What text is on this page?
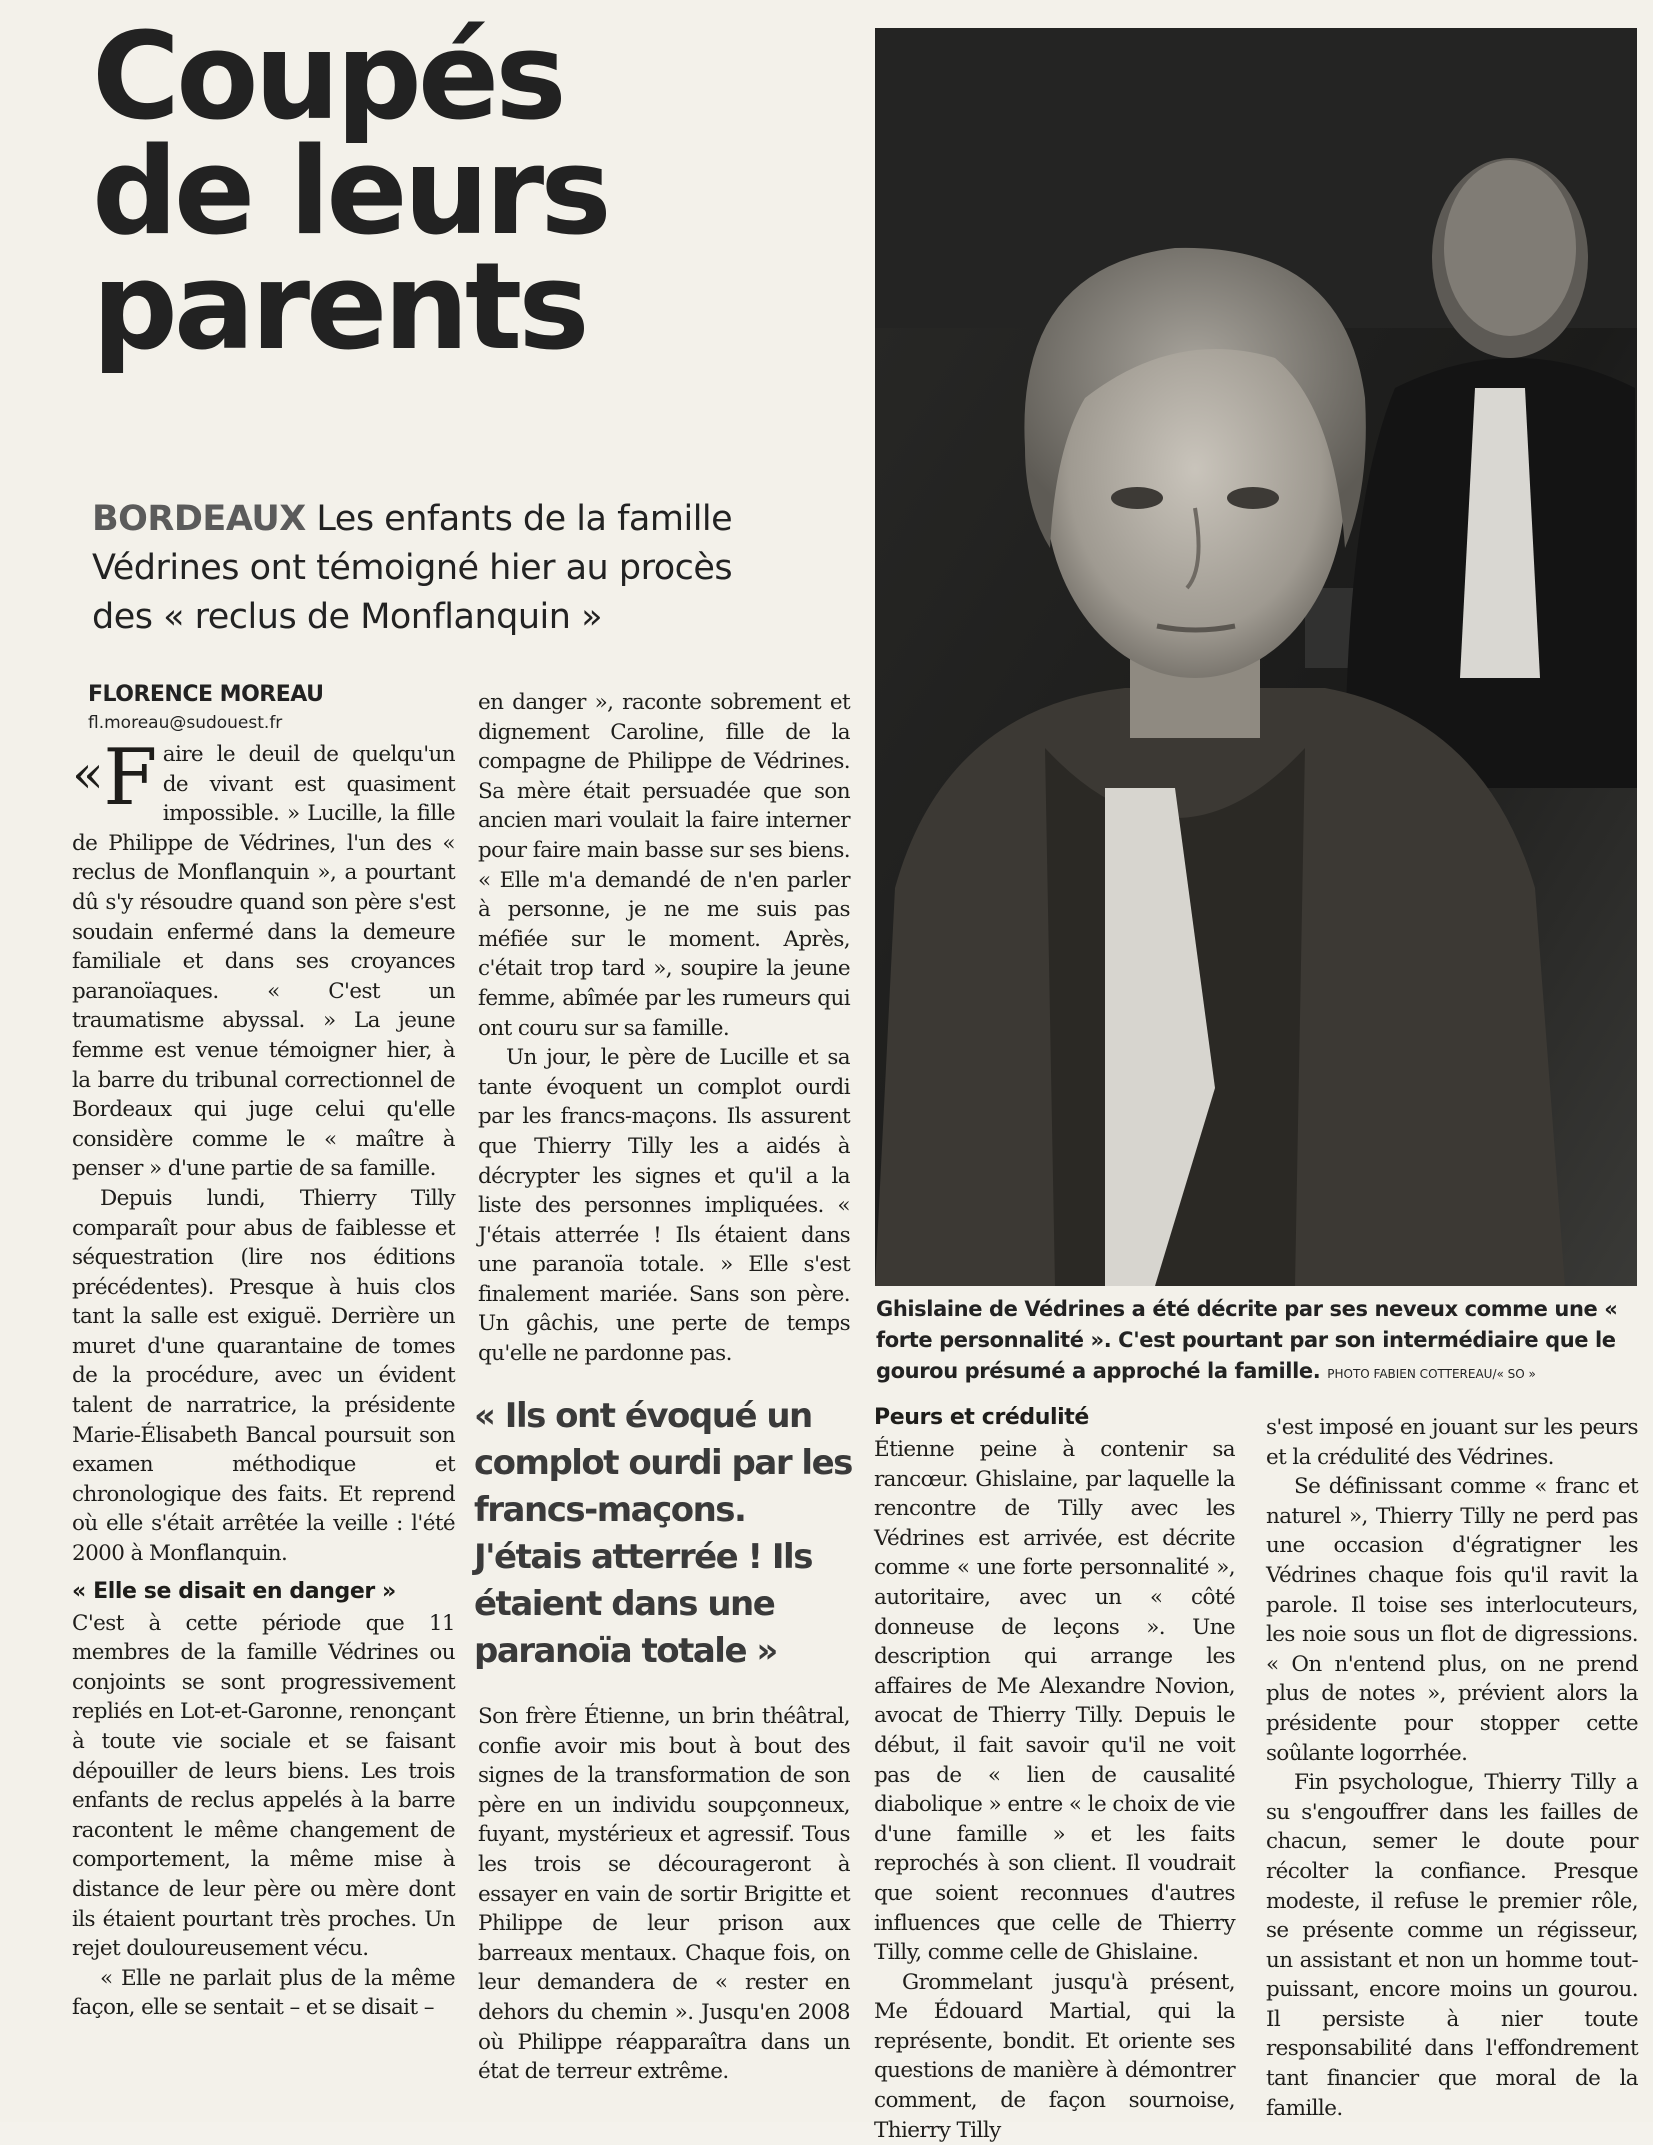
Coupés
de leurs
parents

BORDEAUX Les enfants de la famille Védrines ont témoigné hier au procès des « reclus de Monflanquin »

FLORENCE MOREAU
fl.moreau@sudouest.fr

«F aire le deuil de quelqu'un de vivant est quasiment impossible. » Lucille, la fille de Philippe de Védrines, l'un des « reclus de Monflanquin », a pourtant dû s'y résoudre quand son père s'est soudain enfermé dans la demeure familiale et dans ses croyances paranoïaques. « C'est un traumatisme abyssal. » La jeune femme est venue témoigner hier, à la barre du tribunal correctionnel de Bordeaux qui juge celui qu'elle considère comme le « maître à penser » d'une partie de sa famille.

Depuis lundi, Thierry Tilly comparaît pour abus de faiblesse et séquestration (lire nos éditions précédentes). Presque à huis clos tant la salle est exiguë. Derrière un muret d'une quarantaine de tomes de la procédure, avec un évident talent de narratrice, la présidente Marie-Élisabeth Bancal poursuit son examen méthodique et chronologique des faits. Et reprend où elle s'était arrêtée la veille : l'été 2000 à Monflanquin.

« Elle se disait en danger »

C'est à cette période que 11 membres de la famille Védrines ou conjoints se sont progressivement repliés en Lot-et-Garonne, renonçant à toute vie sociale et se faisant dépouiller de leurs biens. Les trois enfants de reclus appelés à la barre racontent le même changement de comportement, la même mise à distance de leur père ou mère dont ils étaient pourtant très proches. Un rejet douloureusement vécu.

« Elle ne parlait plus de la même façon, elle se sentait – et se disait –

en danger », raconte sobrement et dignement Caroline, fille de la compagne de Philippe de Védrines. Sa mère était persuadée que son ancien mari voulait la faire interner pour faire main basse sur ses biens. « Elle m'a demandé de n'en parler à personne, je ne me suis pas méfiée sur le moment. Après, c'était trop tard », soupire la jeune femme, abîmée par les rumeurs qui ont couru sur sa famille.

Un jour, le père de Lucille et sa tante évoquent un complot ourdi par les francs-maçons. Ils assurent que Thierry Tilly les a aidés à décrypter les signes et qu'il a la liste des personnes impliquées. « J'étais atterrée ! Ils étaient dans une paranoïa totale. » Elle s'est finalement mariée. Sans son père. Un gâchis, une perte de temps qu'elle ne pardonne pas.

« Ils ont évoqué un complot ourdi par les francs-maçons. J'étais atterrée ! Ils étaient dans une paranoïa totale »

Son frère Étienne, un brin théâtral, confie avoir mis bout à bout des signes de la transformation de son père en un individu soupçonneux, fuyant, mystérieux et agressif. Tous les trois se décourageront à essayer en vain de sortir Brigitte et Philippe de leur prison aux barreaux mentaux. Chaque fois, on leur demandera de « rester en dehors du chemin ». Jusqu'en 2008 où Philippe réapparaîtra dans un état de terreur extrême.

Ghislaine de Védrines a été décrite par ses neveux comme une « forte personnalité ». C'est pourtant par son intermédiaire que le gourou présumé a approché la famille. PHOTO FABIEN COTTEREAU/« SO »

Peurs et crédulité

Étienne peine à contenir sa rancœur. Ghislaine, par laquelle la rencontre de Tilly avec les Védrines est arrivée, est décrite comme « une forte personnalité », autoritaire, avec un « côté donneuse de leçons ». Une description qui arrange les affaires de Me Alexandre Novion, avocat de Thierry Tilly. Depuis le début, il fait savoir qu'il ne voit pas de « lien de causalité diabolique » entre « le choix de vie d'une famille » et les faits reprochés à son client. Il voudrait que soient reconnues d'autres influences que celle de Thierry Tilly, comme celle de Ghislaine.

Grommelant jusqu'à présent, Me Édouard Martial, qui la représente, bondit. Et oriente ses questions de manière à démontrer comment, de façon sournoise, Thierry Tilly

s'est imposé en jouant sur les peurs et la crédulité des Védrines.

Se définissant comme « franc et naturel », Thierry Tilly ne perd pas une occasion d'égratigner les Védrines chaque fois qu'il ravit la parole. Il toise ses interlocuteurs, les noie sous un flot de digressions. « On n'entend plus, on ne prend plus de notes », prévient alors la présidente pour stopper cette soûlante logorrhée.

Fin psychologue, Thierry Tilly a su s'engouffrer dans les failles de chacun, semer le doute pour récolter la confiance. Presque modeste, il refuse le premier rôle, se présente comme un régisseur, un assistant et non un homme tout-puissant, encore moins un gourou. Il persiste à nier toute responsabilité dans l'effondrement tant financier que moral de la famille.
